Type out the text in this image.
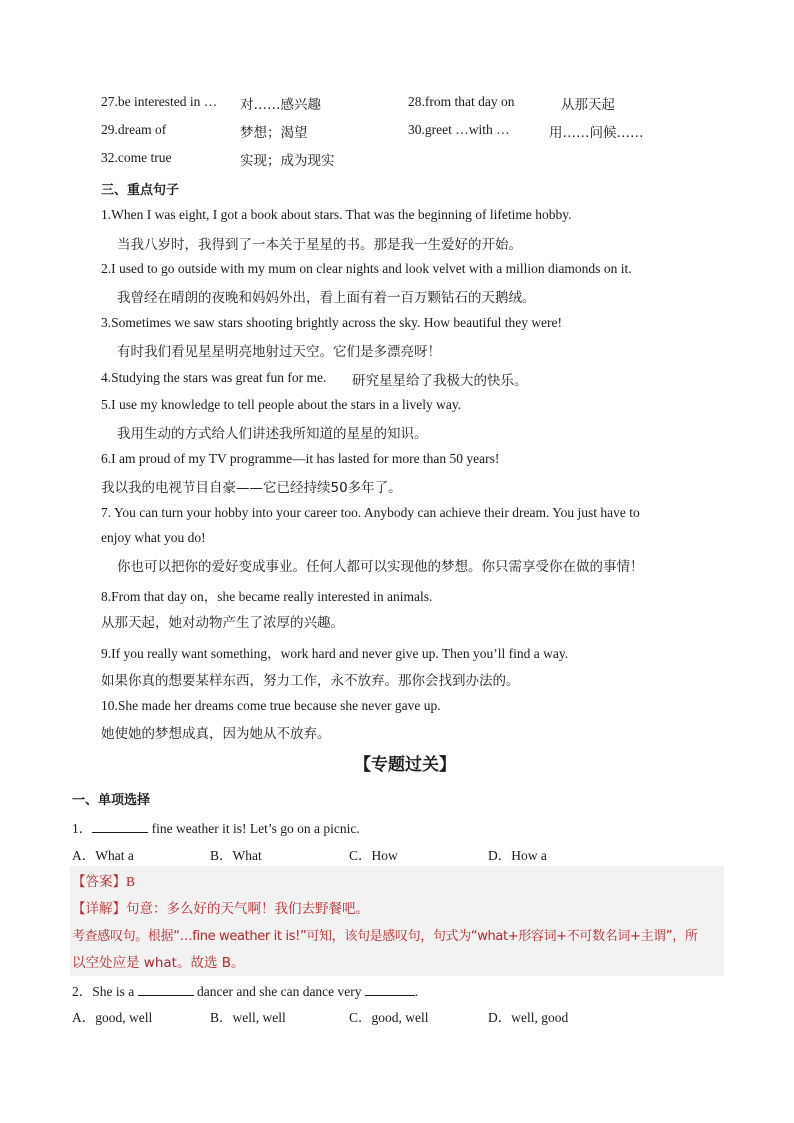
27.be interested in … 对……感兴趣	28.from that day on	从那天起
29.dream of	梦想；渴望	30.greet …with …	用……问候……
32.come true	实现；成为现实
三、重点句子
1.When I was eight, I got a book about stars. That was the beginning of lifetime hobby.
当我八岁时，我得到了一本关于星星的书。那是我一生爱好的开始。
2.I used to go outside with my mum on clear nights and look velvet with a million diamonds on it.
我曾经在晴朗的夜晚和妈妈外出，看上面有着一百万颗钻石的天鹅绒。
3.Sometimes we saw stars shooting brightly across the sky. How beautiful they were!
有时我们看见星星明亮地射过天空。它们是多漂亮呀！
4.Studying the stars was great fun for me. 研究星星给了我极大的快乐。
5.I use my knowledge to tell people about the stars in a lively way.
我用生动的方式给人们讲述我所知道的星星的知识。
6.I am proud of my TV programme—it has lasted for more than 50 years!
我以我的电视节目自豪——它已经持续50多年了。
7. You can turn your hobby into your career too. Anybody can achieve their dream. You just have to
enjoy what you do!
你也可以把你的爱好变成事业。任何人都可以实现他的梦想。你只需享受你在做的事情！
8.From that day on，she became really interested in animals.
从那天起，她对动物产生了浓厚的兴趣。
9.If you really want something，work hard and never give up. Then you’ll find a way.
如果你真的想要某样东西，努力工作，永不放弃。那你会找到办法的。
10.She made her dreams come true because she never gave up.
她使她的梦想成真，因为她从不放弃。
【专题过关】
一、单项选择
1．	fine weather it is! Let’s go on a picnic.
A．What a	B．What	C．How	D．How a
【答案】B
【详解】句意：多么好的天气啊！我们去野餐吧。
考查感叹句。根据“…fine weather it is!”可知，该句是感叹句，句式为“what+形容词+不可数名词+主谓”，所
以空处应是 what。故选 B。
2．She is a	dancer and she can dance very	.
A．good, well	B．well, well	C．good, well	D．well, good
